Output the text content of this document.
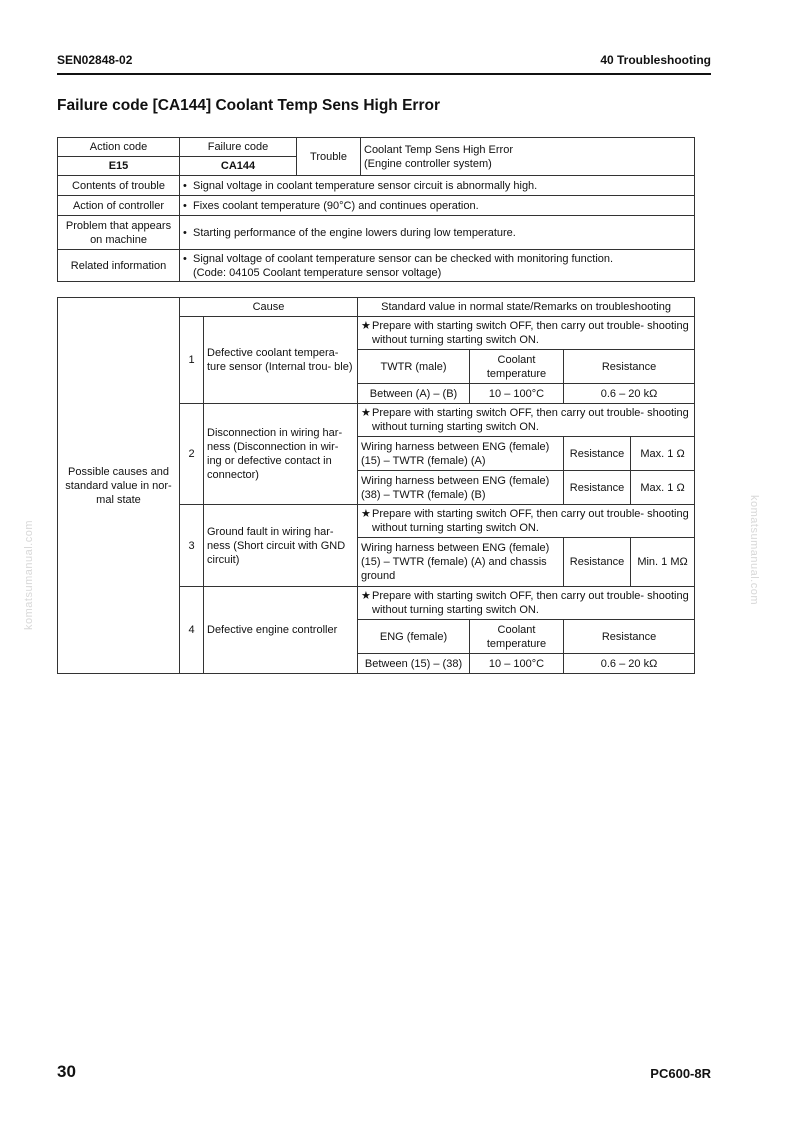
SEN02848-02	40 Troubleshooting
Failure code [CA144] Coolant Temp Sens High Error
komatsumanual.com	komatsumanual.com
Action code	Failure code	Trouble	Coolant Temp Sens High Error
(Engine controller system)

E15	CA144		
Contents of trouble	• Signal voltage in coolant temperature sensor circuit is abnormally high.		

Action of controller	• Fixes coolant temperature (90°C) and continues operation.		

Problem that appears on machine	• Starting performance of the engine lowers during low temperature.		

Related information	• Signal voltage of coolant temperature sensor can be checked with monitoring function.
(Code: 04105 Coolant temperature sensor voltage)		
Possible causes and standard value in nor- mal state	Cause		Standard value in normal state/Remarks on troubleshooting			
	1	Defective coolant tempera- ture sensor (Internal trou- ble)	★ Prepare with starting switch OFF, then carry out trouble- shooting without turning starting switch ON.			

			TWTR (male)	Coolant temperature	Resistance	
			Between (A) – (B)	10 – 100°C	0.6 – 20 kΩ	
	2	Disconnection in wiring har- ness (Disconnection in wir- ing or defective contact in connector)	★ Prepare with starting switch OFF, then carry out trouble- shooting without turning starting switch ON.			

			Wiring harness between ENG (female) (15) – TWTR (female) (A)		Resistance	Max. 1 Ω
			Wiring harness between ENG (female) (38) – TWTR (female) (B)		Resistance	Max. 1 Ω
	3	Ground fault in wiring har- ness (Short circuit with GND circuit)	★ Prepare with starting switch OFF, then carry out trouble- shooting without turning starting switch ON.			

			Wiring harness between ENG (female) (15) – TWTR (female) (A) and chassis ground		Resistance	Min. 1 MΩ
	4	Defective engine controller	★ Prepare with starting switch OFF, then carry out trouble- shooting without turning starting switch ON.			

			ENG (female)	Coolant temperature	Resistance	
			Between (15) – (38)	10 – 100°C	0.6 – 20 kΩ	
30	PC600-8R
